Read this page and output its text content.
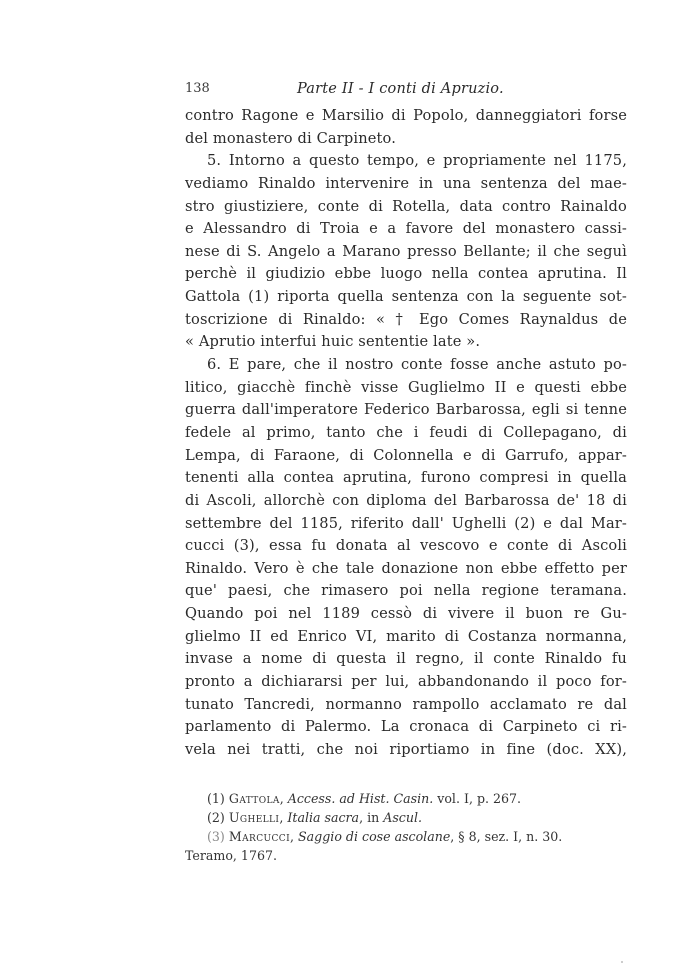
138	Parte II - I conti di Apruzio.
contro Ragone e Marsilio di Popolo, danneggiatori forse
del monastero di Carpineto.
5. Intorno a questo tempo, e propriamente nel 1175,
vediamo Rinaldo intervenire in una sentenza del mae-
stro giustiziere, conte di Rotella, data contro Rainaldo
e Alessandro di Troia e a favore del monastero cassi-
nese di S. Angelo a Marano presso Bellante; il che seguì
perchè il giudizio ebbe luogo nella contea aprutina. Il
Gattola (1) riporta quella sentenza con la seguente sot-
toscrizione di Rinaldo: « † Ego Comes Raynaldus de
« Aprutio interfui huic sententie late ».
6. E pare, che il nostro conte fosse anche astuto po-
litico, giacchè finchè visse Guglielmo II e questi ebbe
guerra dall'imperatore Federico Barbarossa, egli si tenne
fedele al primo, tanto che i feudi di Collepagano, di
Lempa, di Faraone, di Colonnella e di Garrufo, appar-
tenenti alla contea aprutina, furono compresi in quella
di Ascoli, allorchè con diploma del Barbarossa de' 18 di
settembre del 1185, riferito dall' Ughelli (2) e dal Mar-
cucci (3), essa fu donata al vescovo e conte di Ascoli
Rinaldo. Vero è che tale donazione non ebbe effetto per
que' paesi, che rimasero poi nella regione teramana.
Quando poi nel 1189 cessò di vivere il buon re Gu-
glielmo II ed Enrico VI, marito di Costanza normanna,
invase a nome di questa il regno, il conte Rinaldo fu
pronto a dichiararsi per lui, abbandonando il poco for-
tunato Tancredi, normanno rampollo acclamato re dal
parlamento di Palermo. La cronaca di Carpineto ci ri-
vela nei tratti, che noi riportiamo in fine (doc. XX),
(1) Gattola, Access. ad Hist. Casin. vol. I, p. 267.
(2) Ughelli, Italia sacra, in Ascul.
(3) Marcucci, Saggio di cose ascolane, § 8, sez. I, n. 30.
Teramo, 1767.
